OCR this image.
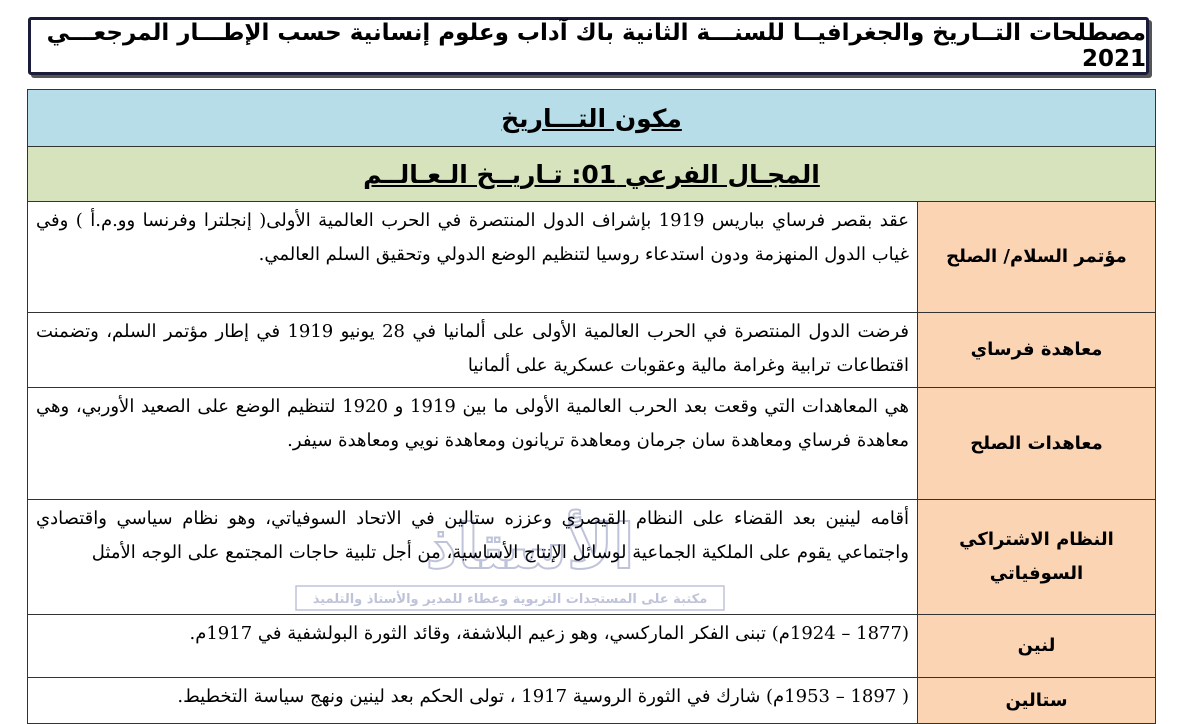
مصطلحات التــاريخ والجغرافيــا للسنـــة الثانية باك آداب وعلوم إنسانية حسب الإطـــار المرجعـــي 2021
مكون التـــاريخ
المجـال الفرعي 01: تـاريــخ الـعـالــم
مؤتمر السلام/ الصلح
عقد بقصر فرساي بباريس 1919 بإشراف الدول المنتصرة في الحرب العالمية الأولى( إنجلترا وفرنسا وو.م.أ ) وفي غياب الدول المنهزمة ودون استدعاء روسيا لتنظيم الوضع الدولي وتحقيق السلم العالمي.
معاهدة فرساي
فرضت الدول المنتصرة في الحرب العالمية الأولى على ألمانيا في 28 يونيو 1919 في إطار مؤتمر السلم، وتضمنت اقتطاعات ترابية وغرامة مالية وعقوبات عسكرية على ألمانيا
معاهدات الصلح
هي المعاهدات التي وقعت بعد الحرب العالمية الأولى ما بين 1919 و 1920 لتنظيم الوضع على الصعيد الأوربي، وهي معاهدة فرساي ومعاهدة سان جرمان ومعاهدة تريانون ومعاهدة نويي ومعاهدة سيفر.
النظام الاشتراكي السوفياتي
أقامه لينين بعد القضاء على النظام القيصري وعززه ستالين في الاتحاد السوفياتي، وهو نظام سياسي واقتصادي واجتماعي يقوم على الملكية الجماعية لوسائل الإنتاج الأساسية، من أجل تلبية حاجات المجتمع على الوجه الأمثل
لنين
(1877 – 1924م) تبنى الفكر الماركسي، وهو زعيم البلاشفة، وقائد الثورة البولشفية في 1917م.
ستالين
( 1897 – 1953م) شارك في الثورة الروسية 1917 ، تولى الحكم بعد لينين ونهج سياسة التخطيط.
الأستاذ
مكتبة على المستجدات التربوية وعطاء للمدير والأستاذ والتلميذ
